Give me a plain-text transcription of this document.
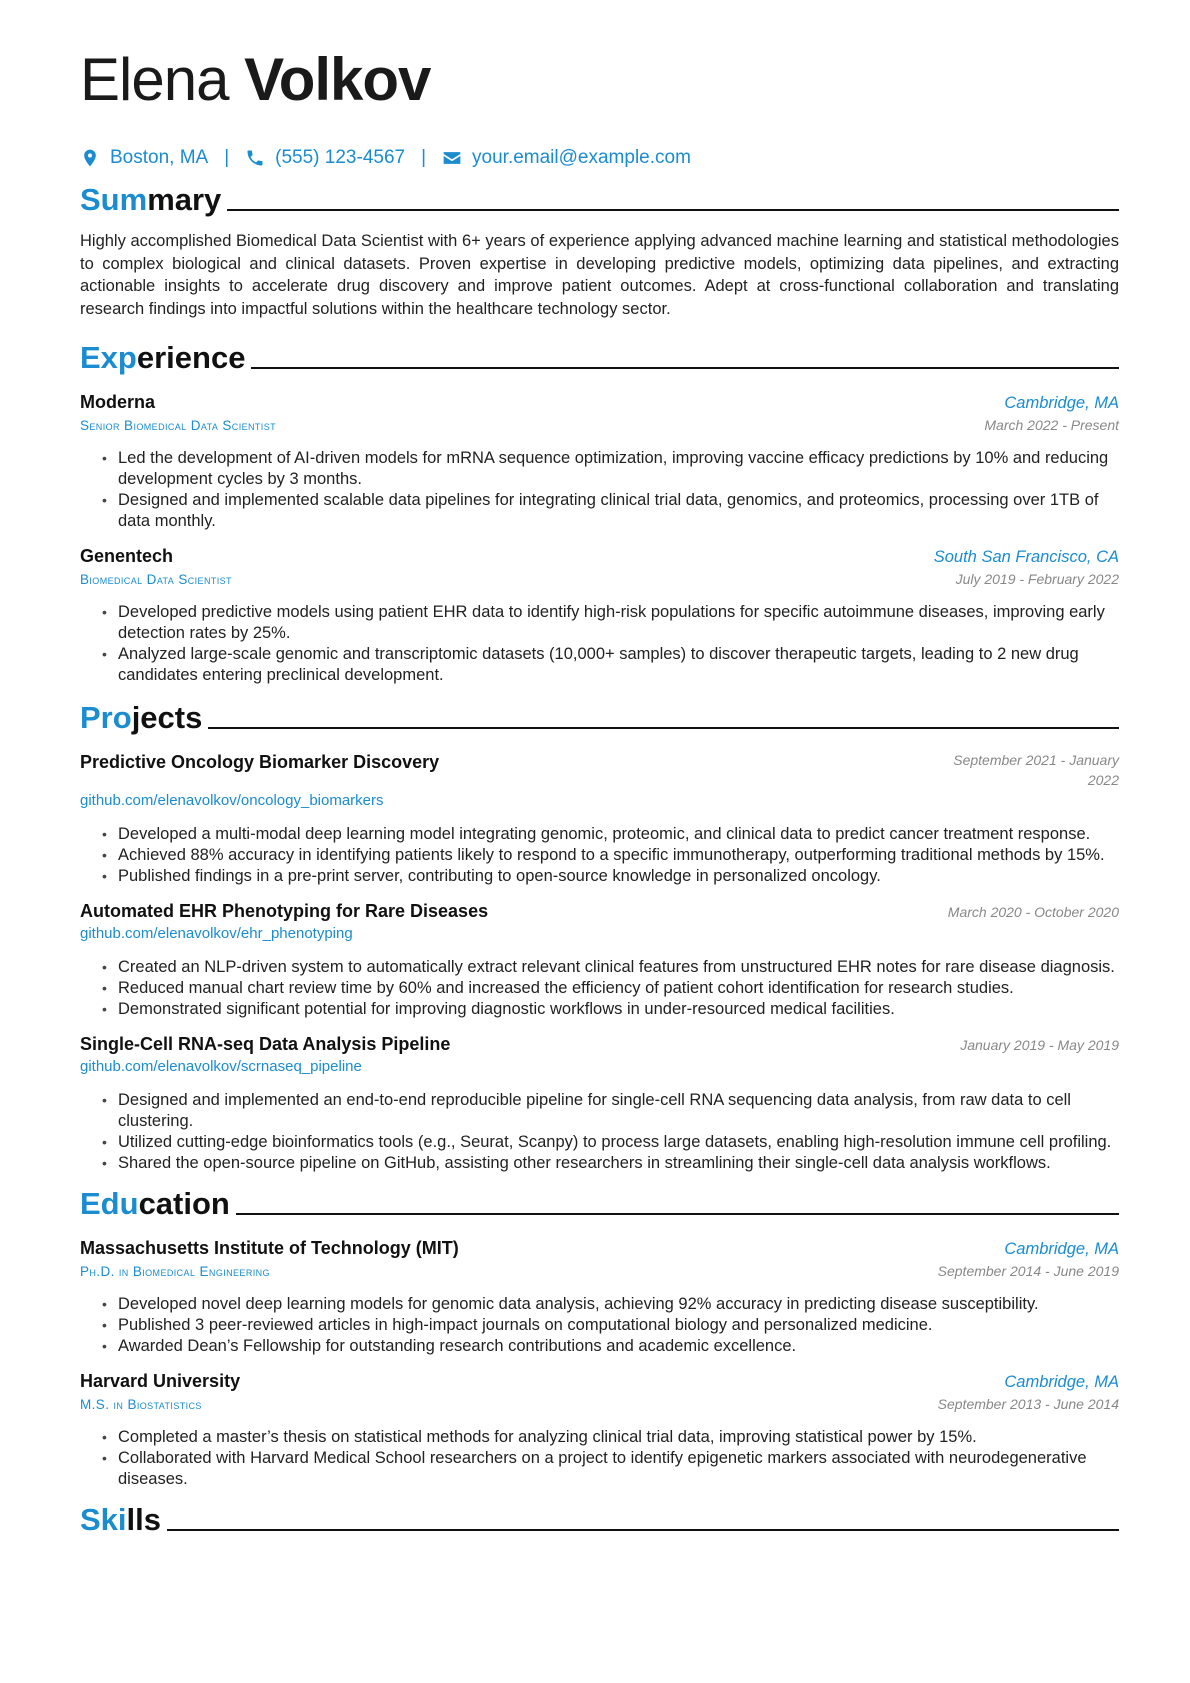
Elena Volkov
Boston, MA | (555) 123-4567 | your.email@example.com
Summary

Highly accomplished Biomedical Data Scientist with 6+ years of experience applying advanced machine learning and statistical methodologies to complex biological and clinical datasets. Proven expertise in developing predictive models, optimizing data pipelines, and extracting actionable insights to accelerate drug discovery and improve patient outcomes. Adept at cross-functional collaboration and translating research findings into impactful solutions within the healthcare technology sector.

Experience
Moderna	Cambridge, MA
Senior Biomedical Data Scientist	March 2022 - Present
• Led the development of AI-driven models for mRNA sequence optimization, improving vaccine efficacy predictions by 10% and reducing development cycles by 3 months.
• Designed and implemented scalable data pipelines for integrating clinical trial data, genomics, and proteomics, processing over 1TB of data monthly.
Genentech	South San Francisco, CA
Biomedical Data Scientist	July 2019 - February 2022
• Developed predictive models using patient EHR data to identify high-risk populations for specific autoimmune diseases, improving early detection rates by 25%.
• Analyzed large-scale genomic and transcriptomic datasets (10,000+ samples) to discover therapeutic targets, leading to 2 new drug candidates entering preclinical development.
Projects
Predictive Oncology Biomarker Discovery	September 2021 - January 2022
github.com/elenavolkov/oncology_biomarkers
• Developed a multi-modal deep learning model integrating genomic, proteomic, and clinical data to predict cancer treatment response.
• Achieved 88% accuracy in identifying patients likely to respond to a specific immunotherapy, outperforming traditional methods by 15%.
• Published findings in a pre-print server, contributing to open-source knowledge in personalized oncology.
Automated EHR Phenotyping for Rare Diseases	March 2020 - October 2020
github.com/elenavolkov/ehr_phenotyping
• Created an NLP-driven system to automatically extract relevant clinical features from unstructured EHR notes for rare disease diagnosis.
• Reduced manual chart review time by 60% and increased the efficiency of patient cohort identification for research studies.
• Demonstrated significant potential for improving diagnostic workflows in under-resourced medical facilities.
Single-Cell RNA-seq Data Analysis Pipeline	January 2019 - May 2019
github.com/elenavolkov/scrnaseq_pipeline
• Designed and implemented an end-to-end reproducible pipeline for single-cell RNA sequencing data analysis, from raw data to cell clustering.
• Utilized cutting-edge bioinformatics tools (e.g., Seurat, Scanpy) to process large datasets, enabling high-resolution immune cell profiling.
• Shared the open-source pipeline on GitHub, assisting other researchers in streamlining their single-cell data analysis workflows.
Education
Massachusetts Institute of Technology (MIT)	Cambridge, MA
Ph.D. in Biomedical Engineering	September 2014 - June 2019
• Developed novel deep learning models for genomic data analysis, achieving 92% accuracy in predicting disease susceptibility.
• Published 3 peer-reviewed articles in high-impact journals on computational biology and personalized medicine.
• Awarded Dean’s Fellowship for outstanding research contributions and academic excellence.
Harvard University	Cambridge, MA
M.S. in Biostatistics	September 2013 - June 2014
• Completed a master’s thesis on statistical methods for analyzing clinical trial data, improving statistical power by 15%.
• Collaborated with Harvard Medical School researchers on a project to identify epigenetic markers associated with neurodegenerative diseases.
Skills
